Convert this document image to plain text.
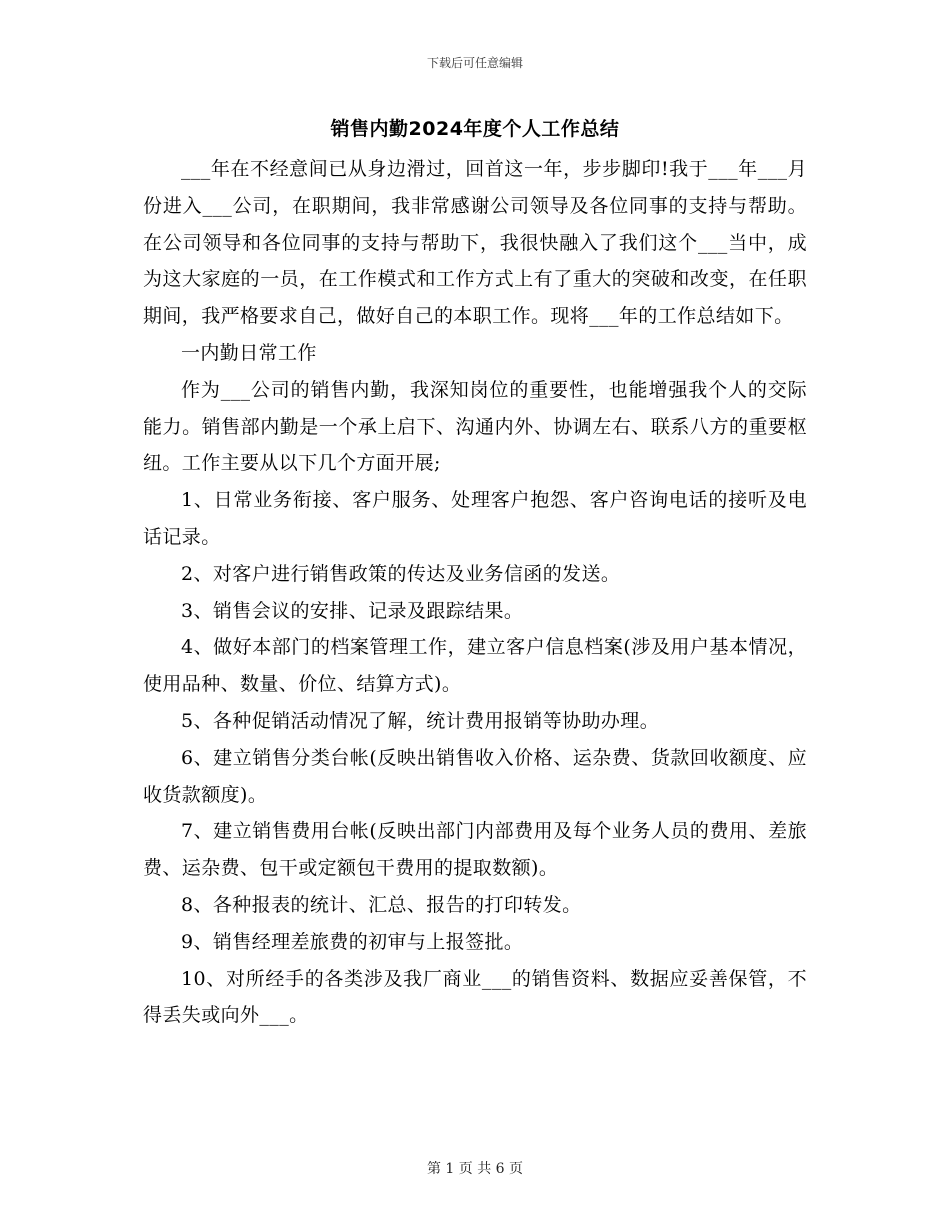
下载后可任意编辑
销售内勤2024年度个人工作总结

___年在不经意间已从身边滑过，回首这一年，步步脚印!我于___年___月份进入___公司，在职期间，我非常感谢公司领导及各位同事的支持与帮助。在公司领导和各位同事的支持与帮助下，我很快融入了我们这个___当中，成为这大家庭的一员，在工作模式和工作方式上有了重大的突破和改变，在任职期间，我严格要求自己，做好自己的本职工作。现将___年的工作总结如下。

一内勤日常工作

作为___公司的销售内勤，我深知岗位的重要性，也能增强我个人的交际能力。销售部内勤是一个承上启下、沟通内外、协调左右、联系八方的重要枢纽。工作主要从以下几个方面开展;

1、日常业务衔接、客户服务、处理客户抱怨、客户咨询电话的接听及电话记录。

2、对客户进行销售政策的传达及业务信函的发送。

3、销售会议的安排、记录及跟踪结果。

4、做好本部门的档案管理工作，建立客户信息档案(涉及用户基本情况，使用品种、数量、价位、结算方式)。

5、各种促销活动情况了解，统计费用报销等协助办理。

6、建立销售分类台帐(反映出销售收入价格、运杂费、货款回收额度、应收货款额度)。

7、建立销售费用台帐(反映出部门内部费用及每个业务人员的费用、差旅费、运杂费、包干或定额包干费用的提取数额)。

8、各种报表的统计、汇总、报告的打印转发。

9、销售经理差旅费的初审与上报签批。

10、对所经手的各类涉及我厂商业___的销售资料、数据应妥善保管，不得丢失或向外___。

第 1 页 共 6 页
